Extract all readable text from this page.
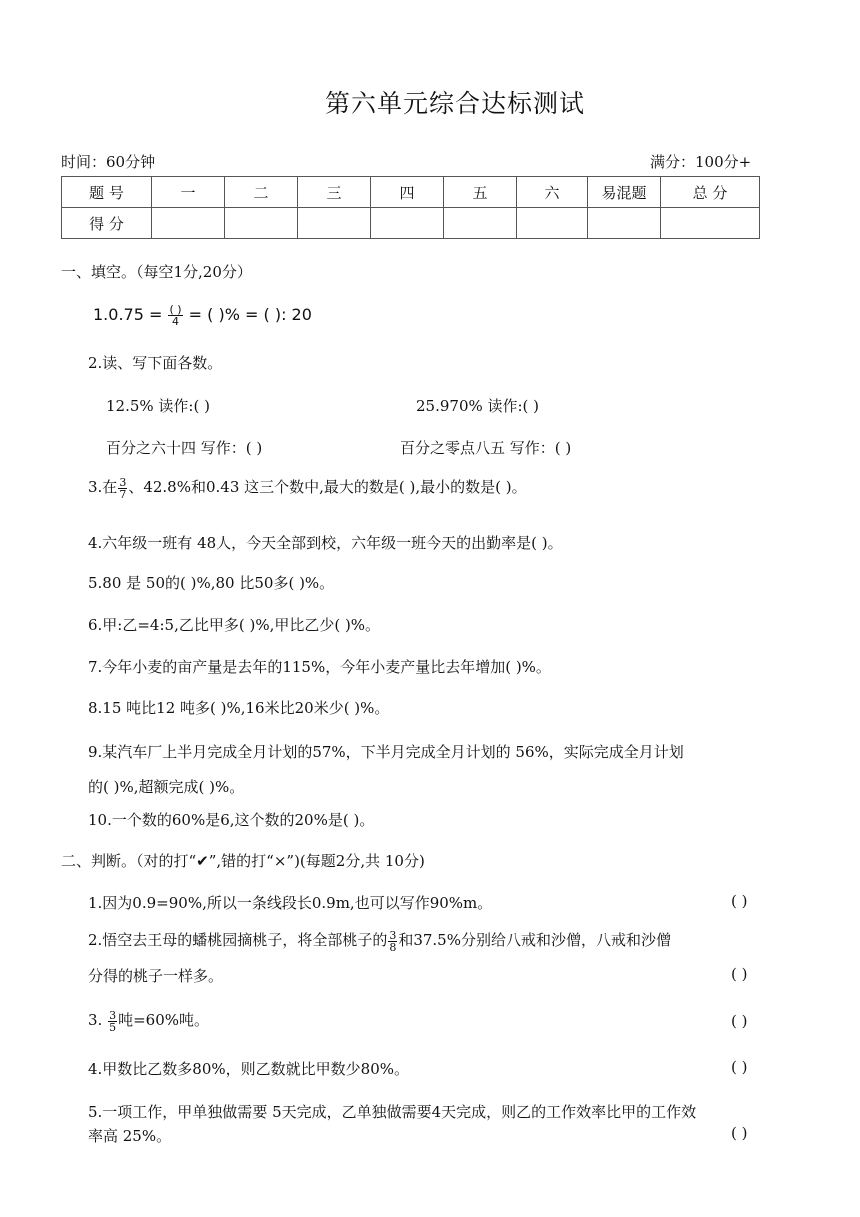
第六单元综合达标测试
时间：60分钟	满分：100分+
题 号	一	二	三	四	五	六	易混题	总 分
得 分								
一、填空。（每空1分,20分）
$1.0.75 = \frac{( )}{4}$ = ( )% = ( ): 20
2.读、写下面各数。
12.5% 读作:( )	25.970% 读作:( )
百分之六十四 写作：( )	百分之零点八五 写作：( )
3.在 $\frac{3}{7}$ 、42.8%和0.43 这三个数中,最大的数是( ),最小的数是( )。
4.六年级一班有 48人，今天全部到校，六年级一班今天的出勤率是( )。
5.80 是 50的( )%,80 比50多( )%。
6.甲:乙=4:5,乙比甲多( )%,甲比乙少( )%。
7.今年小麦的亩产量是去年的115%，今年小麦产量比去年增加( )%。
8.15 吨比12 吨多( )%,16米比20米少( )%。
9.某汽车厂上半月完成全月计划的57%，下半月完成全月计划的 56%，实际完成全月计划
的( )%,超额完成( )%。
10.一个数的60%是6,这个数的20%是( )。
二、判断。（对的打“✔”,错的打“×”)(每题2分,共 10分)
1.因为0.9=90%,所以一条线段长0.9m,也可以写作90%m。	( )
2.悟空去王母的蟠桃园摘桃子，将全部桃子的 $\frac{3}{8}$ 和37.5%分别给八戒和沙僧，八戒和沙僧
分得的桃子一样多。	( )
3. $\frac{3}{5}$ 吨=60%吨。	( )
4.甲数比乙数多80%，则乙数就比甲数少80%。	( )
5.一项工作，甲单独做需要 5天完成，乙单独做需要4天完成，则乙的工作效率比甲的工作效
率高 25%。	( )
